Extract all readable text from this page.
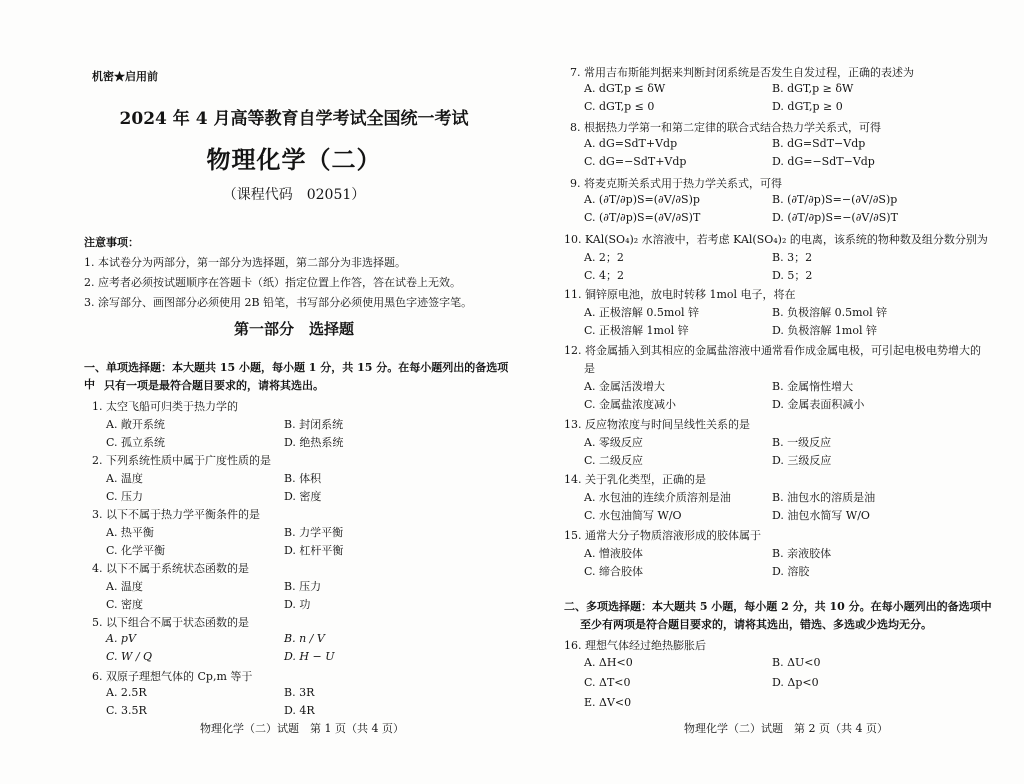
机密★启用前
2024 年 4 月高等教育自学考试全国统一考试
物理化学（二）
（课程代码　02051）
注意事项：
1. 本试卷分为两部分，第一部分为选择题，第二部分为非选择题。
2. 应考者必须按试题顺序在答题卡（纸）指定位置上作答，答在试卷上无效。
3. 涂写部分、画图部分必须使用 2B 铅笔，书写部分必须使用黑色字迹签字笔。
第一部分　选择题
一、单项选择题：本大题共 15 小题，每小题 1 分，共 15 分。在每小题列出的备选项中 只有一项是最符合题目要求的，请将其选出。
1. 太空飞船可归类于热力学的
A. 敞开系统	B. 封闭系统
C. 孤立系统	D. 绝热系统
2. 下列系统性质中属于广度性质的是
A. 温度	B. 体积
C. 压力	D. 密度
3. 以下不属于热力学平衡条件的是
A. 热平衡	B. 力学平衡
C. 化学平衡	D. 杠杆平衡
4. 以下不属于系统状态函数的是
A. 温度	B. 压力
C. 密度	D. 功
5. 以下组合不属于状态函数的是
A. pV	B. n / V
C. W / Q	D. H − U
6. 双原子理想气体的 Cp,m 等于
A. 2.5R	B. 3R
C. 3.5R	D. 4R
物理化学（二）试题　第 1 页（共 4 页）
7. 常用吉布斯能判据来判断封闭系统是否发生自发过程，正确的表述为
A. dGT,p ≤ δW	B. dGT,p ≥ δW
C. dGT,p ≤ 0	D. dGT,p ≥ 0
8. 根据热力学第一和第二定律的联合式结合热力学关系式，可得
A. dG=SdT+Vdp	B. dG=SdT−Vdp
C. dG=−SdT+Vdp	D. dG=−SdT−Vdp
9. 将麦克斯关系式用于热力学关系式，可得
A. (∂T/∂p)S=(∂V/∂S)p	B. (∂T/∂p)S=−(∂V/∂S)p
C. (∂T/∂p)S=(∂V/∂S)T	D. (∂T/∂p)S=−(∂V/∂S)T
10. KAl(SO₄)₂ 水溶液中，若考虑 KAl(SO₄)₂ 的电离，该系统的物种数及组分数分别为
A. 2；2	B. 3；2
C. 4；2	D. 5；2
11. 铜锌原电池，放电时转移 1mol 电子，将在
A. 正极溶解 0.5mol 锌	B. 负极溶解 0.5mol 锌
C. 正极溶解 1mol 锌	D. 负极溶解 1mol 锌
12. 将金属插入到其相应的金属盐溶液中通常看作成金属电极，可引起电极电势增大的
是
A. 金属活泼增大	B. 金属惰性增大
C. 金属盐浓度减小	D. 金属表面积减小
13. 反应物浓度与时间呈线性关系的是
A. 零级反应	B. 一级反应
C. 二级反应	D. 三级反应
14. 关于乳化类型，正确的是
A. 水包油的连续介质溶剂是油	B. 油包水的溶质是油
C. 水包油简写 W/O	D. 油包水简写 W/O
15. 通常大分子物质溶液形成的胶体属于
A. 憎液胶体	B. 亲液胶体
C. 缔合胶体	D. 溶胶
二、多项选择题：本大题共 5 小题，每小题 2 分，共 10 分。在每小题列出的备选项中
至少有两项是符合题目要求的，请将其选出，错选、多选或少选均无分。
16. 理想气体经过绝热膨胀后
A. ΔH<0	B. ΔU<0
C. ΔT<0	D. Δp<0
E. ΔV<0
物理化学（二）试题　第 2 页（共 4 页）
